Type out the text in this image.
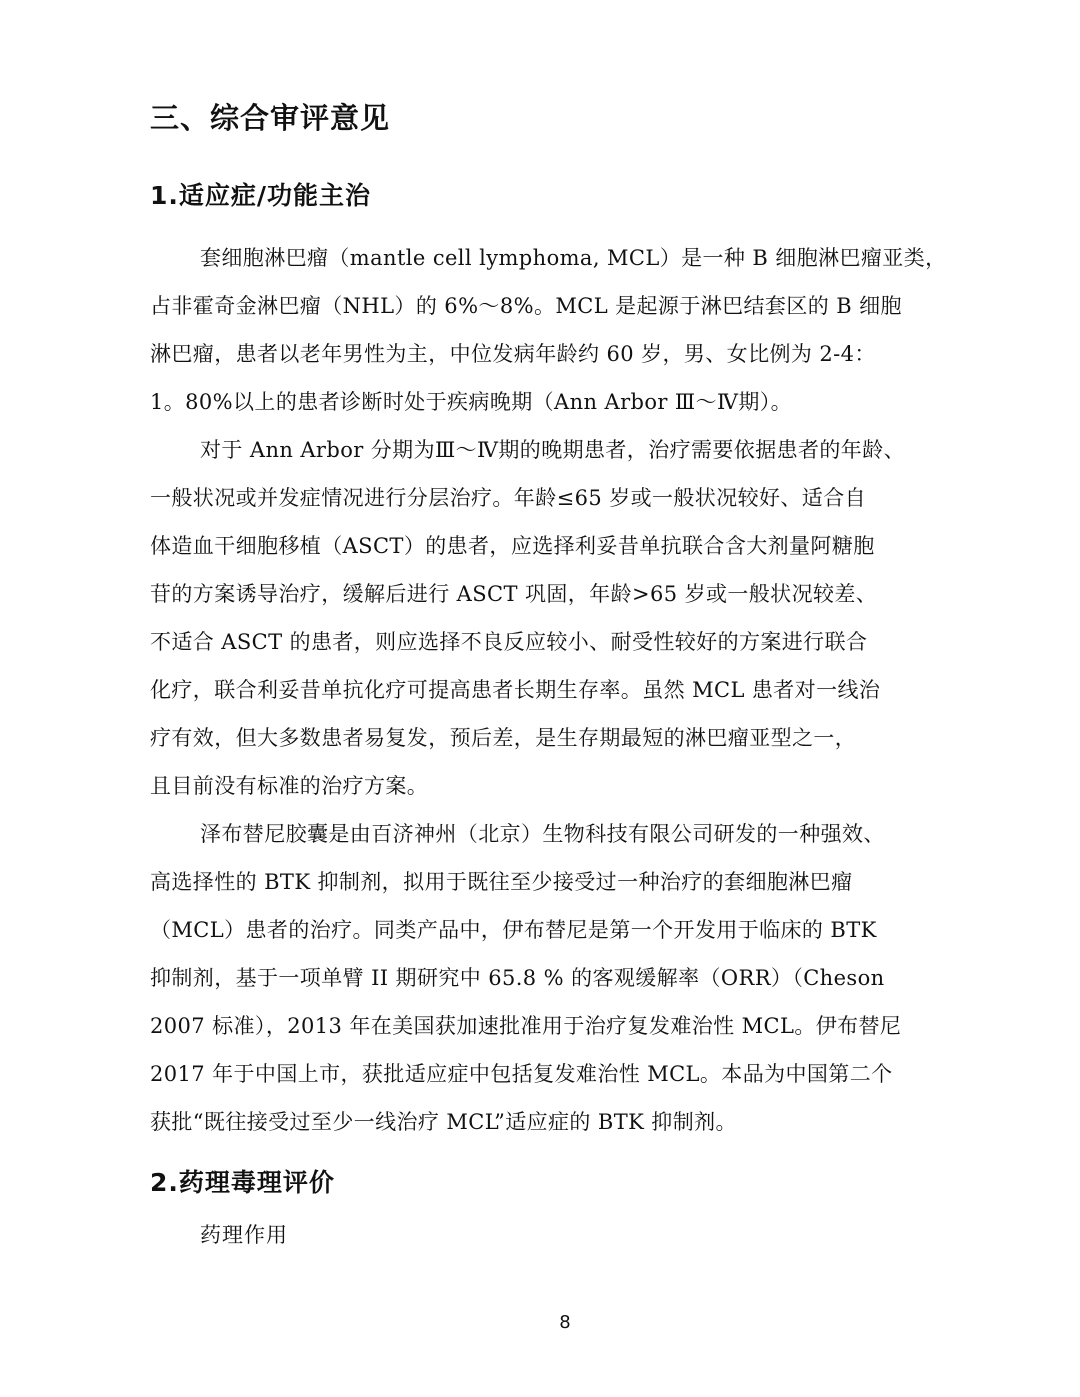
三、综合审评意见
1.适应症/功能主治
套细胞淋巴瘤（mantle cell lymphoma, MCL）是一种 B 细胞淋巴瘤亚类，
占非霍奇金淋巴瘤（NHL）的 6%～8%。MCL 是起源于淋巴结套区的 B 细胞
淋巴瘤，患者以老年男性为主，中位发病年龄约 60 岁，男、女比例为 2-4：
1。80%以上的患者诊断时处于疾病晚期（Ann Arbor Ⅲ～Ⅳ期）。
对于 Ann Arbor 分期为Ⅲ～Ⅳ期的晚期患者，治疗需要依据患者的年龄、
一般状况或并发症情况进行分层治疗。年龄≤65 岁或一般状况较好、适合自
体造血干细胞移植（ASCT）的患者，应选择利妥昔单抗联合含大剂量阿糖胞
苷的方案诱导治疗，缓解后进行 ASCT 巩固，年龄>65 岁或一般状况较差、
不适合 ASCT 的患者，则应选择不良反应较小、耐受性较好的方案进行联合
化疗，联合利妥昔单抗化疗可提高患者长期生存率。虽然 MCL 患者对一线治
疗有效，但大多数患者易复发，预后差，是生存期最短的淋巴瘤亚型之一，
且目前没有标准的治疗方案。
泽布替尼胶囊是由百济神州（北京）生物科技有限公司研发的一种强效、
高选择性的 BTK 抑制剂，拟用于既往至少接受过一种治疗的套细胞淋巴瘤
（MCL）患者的治疗。同类产品中，伊布替尼是第一个开发用于临床的 BTK
抑制剂，基于一项单臂 II 期研究中 65.8 % 的客观缓解率（ORR）（Cheson
2007 标准），2013 年在美国获加速批准用于治疗复发难治性 MCL。伊布替尼
2017 年于中国上市，获批适应症中包括复发难治性 MCL。本品为中国第二个
获批“既往接受过至少一线治疗 MCL”适应症的 BTK 抑制剂。
2.药理毒理评价

药理作用

8
